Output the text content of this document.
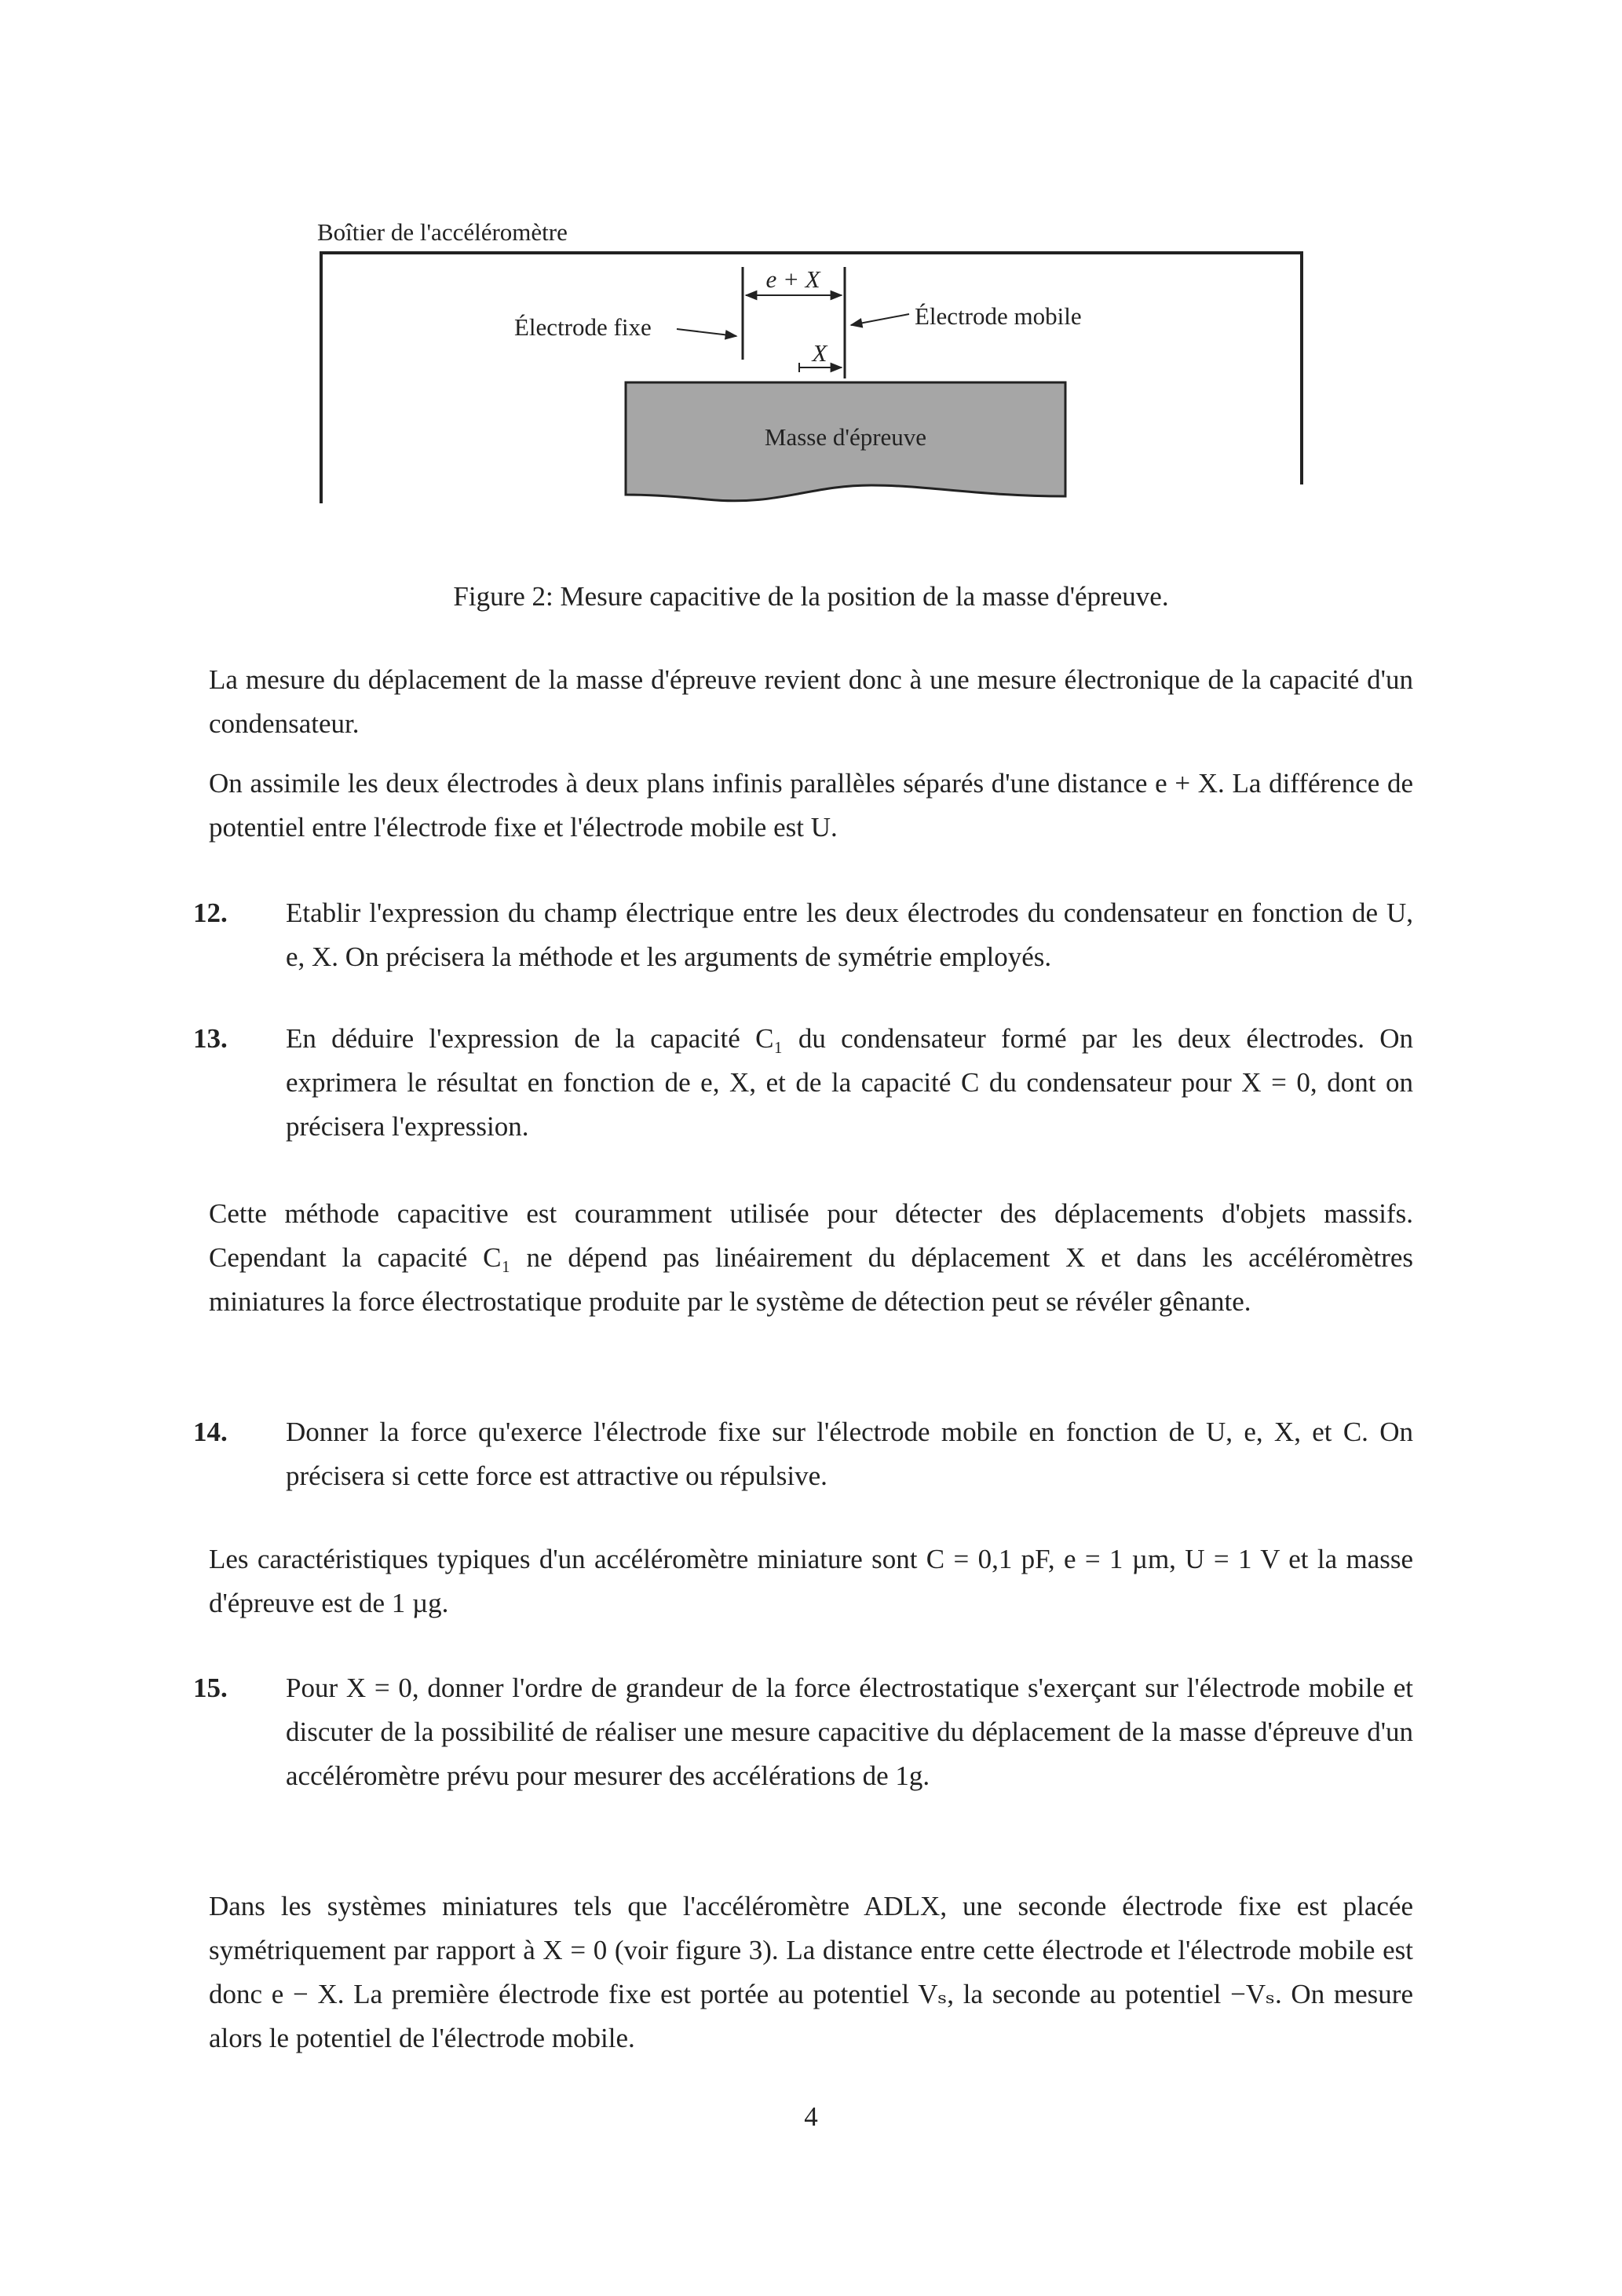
Boîtier de l'accéléromètre
Masse d'épreuve
e + X
X
Électrode fixe	Électrode mobile
Figure 2: Mesure capacitive de la position de la masse d'épreuve.

La mesure du déplacement de la masse d'épreuve revient donc à une mesure électronique de la capacité d'un condensateur.

On assimile les deux électrodes à deux plans infinis parallèles séparés d'une distance e + X. La différence de potentiel entre l'électrode fixe et l'électrode mobile est U.

12. Etablir l'expression du champ électrique entre les deux électrodes du condensateur en fonction de U, e, X. On précisera la méthode et les arguments de symétrie employés.
13. En déduire l'expression de la capacité C₁ du condensateur formé par les deux électrodes. On exprimera le résultat en fonction de e, X, et de la capacité C du condensateur pour X = 0, dont on précisera l'expression.

Cette méthode capacitive est couramment utilisée pour détecter des déplacements d'objets massifs. Cependant la capacité C₁ ne dépend pas linéairement du déplacement X et dans les accéléromètres miniatures la force électrostatique produite par le système de détection peut se révéler gênante.

14. Donner la force qu'exerce l'électrode fixe sur l'électrode mobile en fonction de U, e, X, et C. On précisera si cette force est attractive ou répulsive.

Les caractéristiques typiques d'un accéléromètre miniature sont C = 0,1 pF, e = 1 µm, U = 1 V et la masse d'épreuve est de 1 µg.

15. Pour X = 0, donner l'ordre de grandeur de la force électrostatique s'exerçant sur l'électrode mobile et discuter de la possibilité de réaliser une mesure capacitive du déplacement de la masse d'épreuve d'un accéléromètre prévu pour mesurer des accélérations de 1g.

Dans les systèmes miniatures tels que l'accéléromètre ADLX, une seconde électrode fixe est placée symétriquement par rapport à X = 0 (voir figure 3). La distance entre cette électrode et l'électrode mobile est donc e − X. La première électrode fixe est portée au potentiel Vₛ, la seconde au potentiel −Vₛ. On mesure alors le potentiel de l'électrode mobile.

4
